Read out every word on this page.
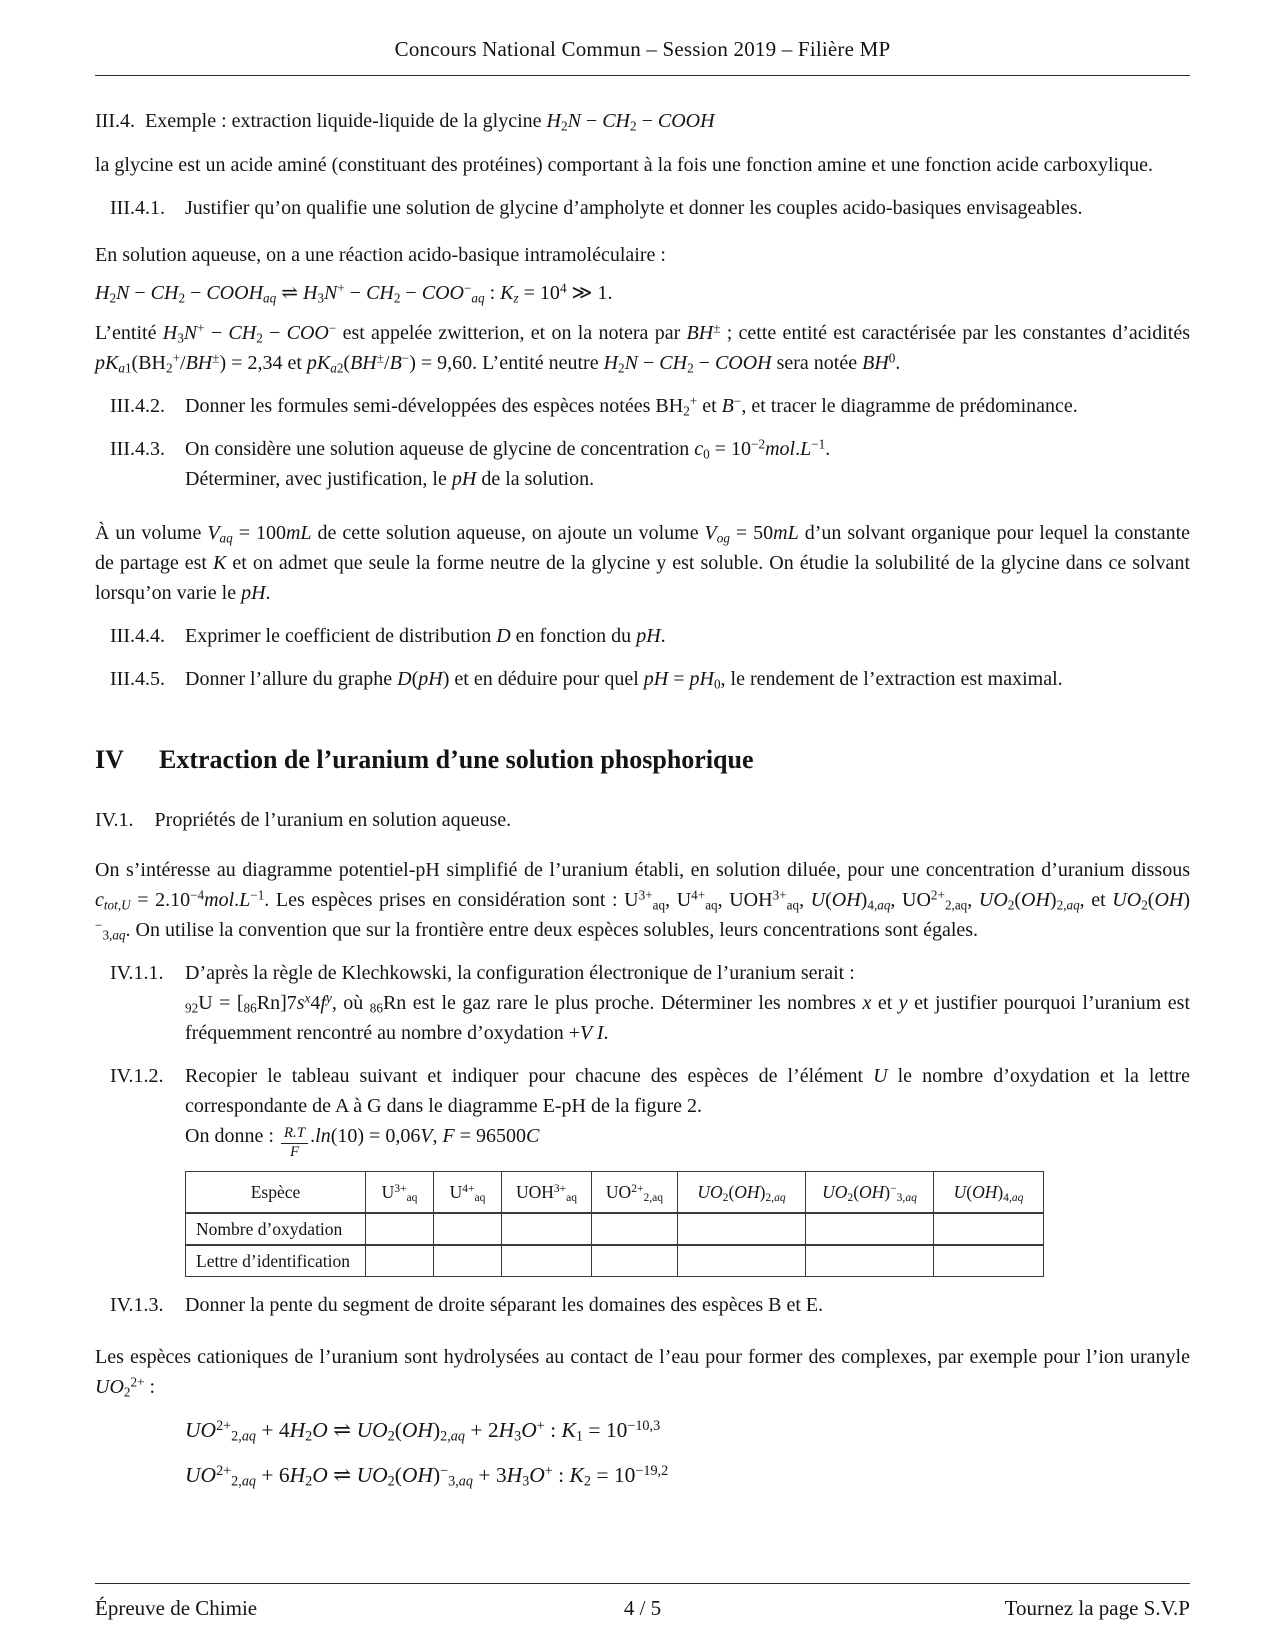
Concours National Commun – Session 2019 – Filière MP
III.4. Exemple : extraction liquide-liquide de la glycine $H_2N - CH_2$ − COOH
la glycine est un acide aminé (constituant des protéines) comportant à la fois une fonction amine et une fonction acide carboxylique.
III.4.1. Justifier qu’on qualifie une solution de glycine d’ampholyte et donner les couples acido-basiques envisageables.
En solution aqueuse, on a une réaction acido-basique intramoléculaire :
$H_2N - CH_2$ − $COOH_{aq}$ ⇌ $H_3N^+ - CH_2 - COO^-_{aq}$ : $K_z = 10^4$ ≫ 1.
L’entité $H_3N^+ - CH_2 - COO^-$ est appelée zwitterion, et on la notera par BH± ; cette entité est caractérisée par les constantes d’acidités $pK_{a1}(BH_2^+/BH^\pm) = 2,34$ et $pK_{a2}(BH^\pm/B^-) = 9,60$. L’entité neutre $H_2N - CH_2$ − COOH sera notée $BH^0$.
III.4.2. Donner les formules semi-développées des espèces notées $BH_2^+$ et B−, et tracer le diagramme de prédominance.
III.4.3. On considère une solution aqueuse de glycine de concentration $c_0 = 10^{-2}mol.L^{-1}$.
Déterminer, avec justification, le pH de la solution.
À un volume $V_{aq} = 100mL$ de cette solution aqueuse, on ajoute un volume $V_{og} = 50mL$ d’un solvant organique pour lequel la constante de partage est K et on admet que seule la forme neutre de la glycine y est soluble. On étudie la solubilité de la glycine dans ce solvant lorsqu’on varie le pH.
III.4.4. Exprimer le coefficient de distribution D en fonction du pH.
III.4.5. Donner l’allure du graphe D(pH) et en déduire pour quel pH = $pH_0$, le rendement de l’extraction est maximal.
IV	Extraction de l’uranium d’une solution phosphorique
IV.1. Propriétés de l’uranium en solution aqueuse.
On s’intéresse au diagramme potentiel-pH simplifié de l’uranium établi, en solution diluée, pour une concentration d’uranium dissous $c_{tot,U} = 2.10^{-4}mol.L^{-1}$. Les espèces prises en considération sont : $U^{3+}_{aq}$, $U^{4+}_{aq}$, $UOH^{3+}_{aq}$, $U(OH)_{4,aq}$, $UO^{2+}_{2,aq}$, $UO_2(OH)_{2,aq}$, et $UO_2(OH)^-_{3,aq}$. On utilise la convention que sur la frontière entre deux espèces solubles, leurs concentrations sont égales.
IV.1.1. D’après la règle de Klechkowski, la configuration électronique de l’uranium serait :
$_{92}U = [_{86}Rn]7s^x4f^y$, où $_{86}$Rn est le gaz rare le plus proche. Déterminer les nombres x et y et justifier pourquoi l’uranium est fréquemment rencontré au nombre d’oxydation +V I.
IV.1.2. Recopier le tableau suivant et indiquer pour chacune des espèces de l’élément U le nombre d’oxydation et la lettre correspondante de A à G dans le diagramme E-pH de la figure 2.
On donne : $\frac{R.T}{F} .\ln(10) = 0,06V$, F = 96500C
Espèce	$U^{3+}_{aq}$	$U^{4+}_{aq}$	$UOH^{3+}_{aq}$	$UO^{2+}_{2,aq}$	$UO_2(OH)_{2,aq}$	$UO_2(OH)^-_{3,aq}$	$U(OH)_{4,aq}$
Nombre d’oxydation							
Lettre d’identification							
IV.1.3. Donner la pente du segment de droite séparant les domaines des espèces B et E.
Les espèces cationiques de l’uranium sont hydrolysées au contact de l’eau pour former des complexes, par exemple pour l’ion uranyle $UO_2^{2+}$ :
$UO^{2+}_{2,aq} + 4H_2O$ ⇌ $UO_2(OH)_{2,aq} + 2H_3O^+$ : $K_1 = 10^{-10,3}$
$UO^{2+}_{2,aq} + 6H_2O$ ⇌ $UO_2(OH)^-_{3,aq} + 3H_3O^+$ : $K_2 = 10^{-19,2}$
Épreuve de Chimie	4 / 5	Tournez la page S.V.P
